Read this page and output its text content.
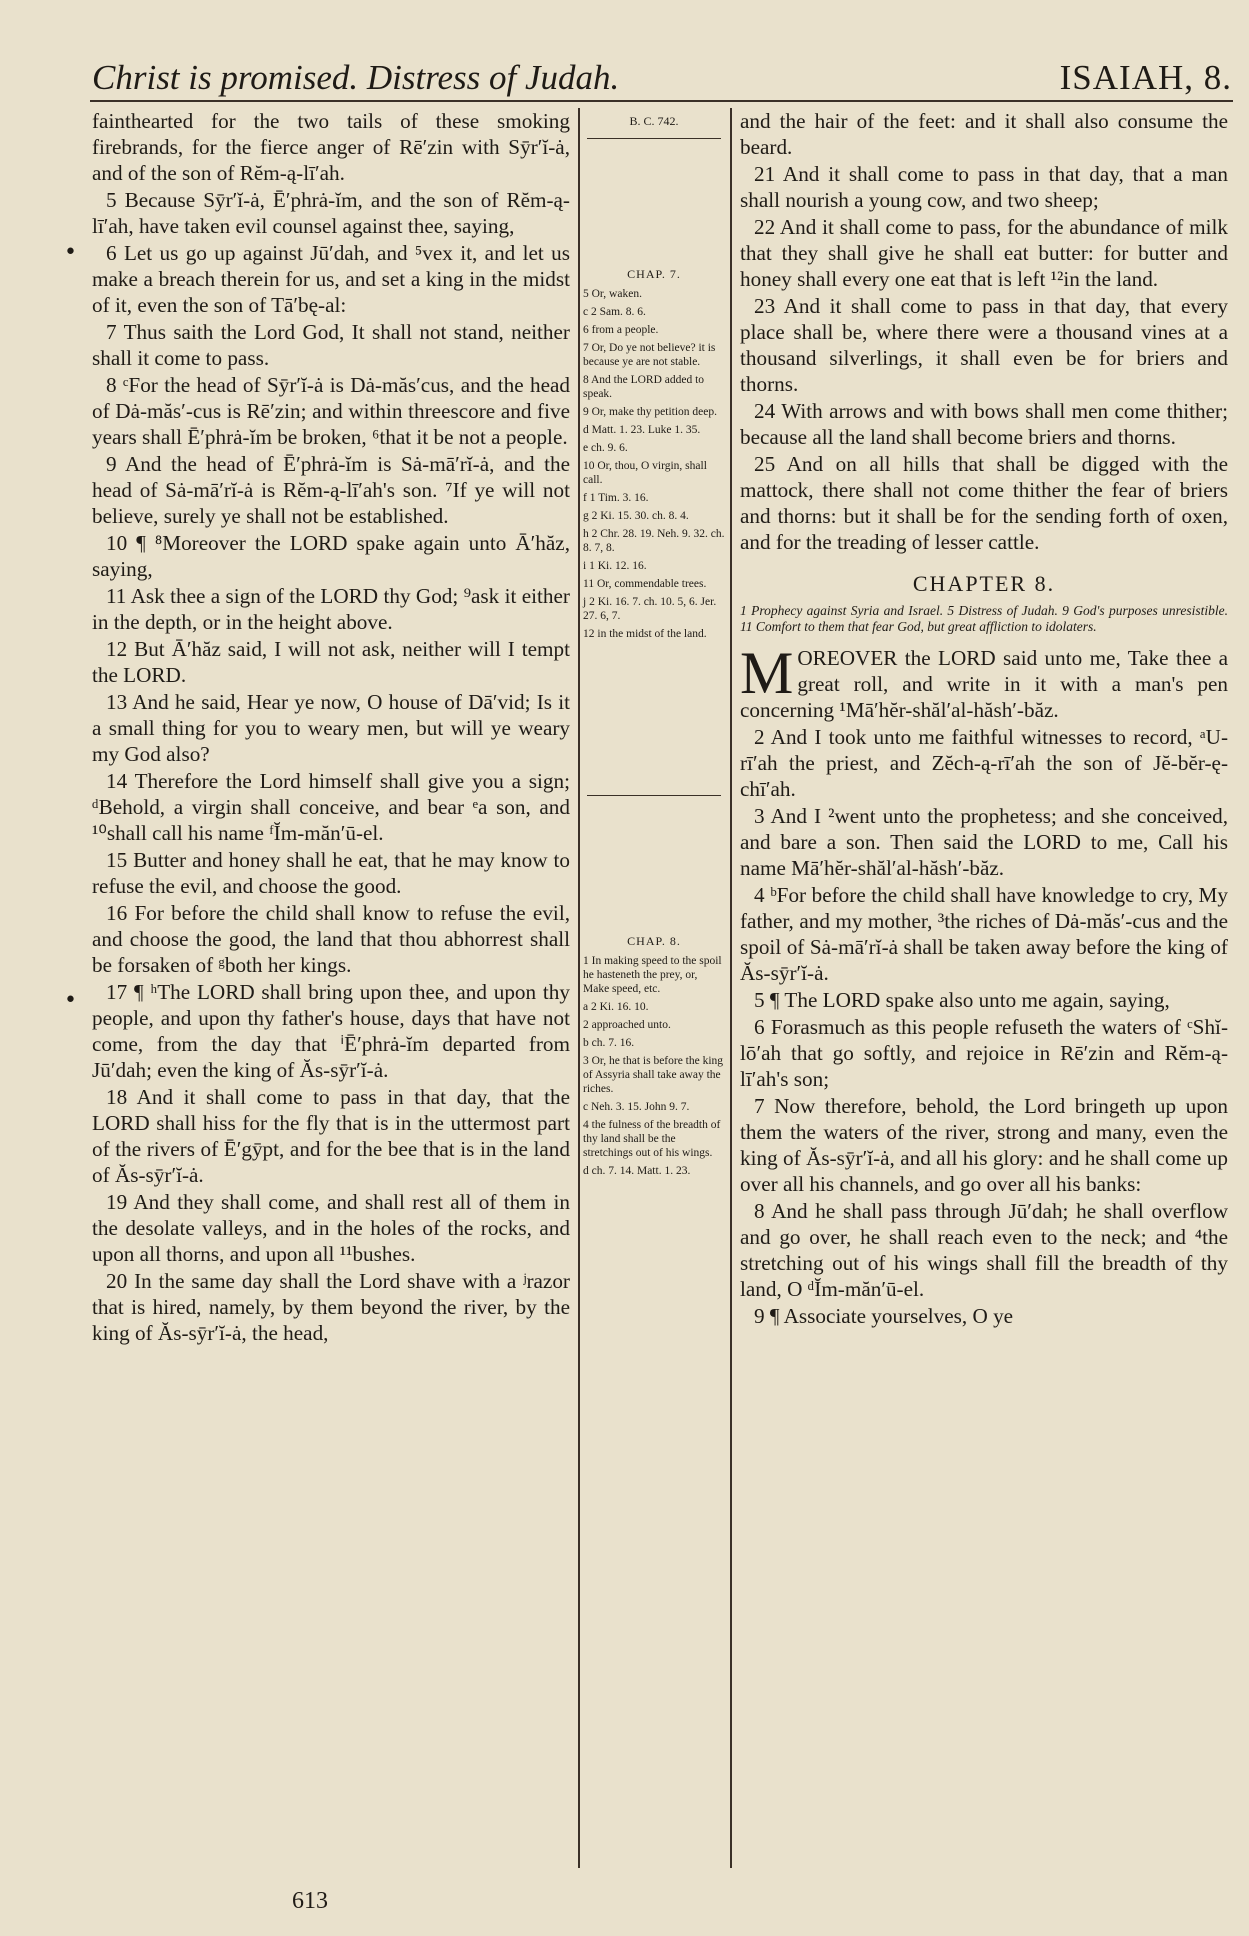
Christ is promised. Distress of Judah.	ISAIAH, 8.
•
•

fainthearted for the two tails of these smoking firebrands, for the fierce anger of Rē′zin with Sȳr′ĭ-ȧ, and of the son of Rĕm-ą-lī′ah.

5 Because Sȳr′ĭ-ȧ, Ē′phrȧ-ĭm, and the son of Rĕm-ą-lī′ah, have taken evil counsel against thee, saying,

6 Let us go up against Jū′dah, and ⁵vex it, and let us make a breach therein for us, and set a king in the midst of it, even the son of Tā′bę-al:

7 Thus saith the Lord God, It shall not stand, neither shall it come to pass.

8 ᶜFor the head of Sȳr′ĭ-ȧ is Dȧ-măs′cus, and the head of Dȧ-măs′-cus is Rē′zin; and within threescore and five years shall Ē′phrȧ-ĭm be broken, ⁶that it be not a people.

9 And the head of Ē′phrȧ-ĭm is Sȧ-mā′rĭ-ȧ, and the head of Sȧ-mā′rĭ-ȧ is Rĕm-ą-lī′ah's son. ⁷If ye will not believe, surely ye shall not be established.

10 ¶ ⁸Moreover the LORD spake again unto Ā′hăz, saying,

11 Ask thee a sign of the LORD thy God; ⁹ask it either in the depth, or in the height above.

12 But Ā′hăz said, I will not ask, neither will I tempt the LORD.

13 And he said, Hear ye now, O house of Dā′vid; Is it a small thing for you to weary men, but will ye weary my God also?

14 Therefore the Lord himself shall give you a sign; ᵈBehold, a virgin shall conceive, and bear ᵉa son, and ¹⁰shall call his name ᶠĬm-măn′ū-el.

15 Butter and honey shall he eat, that he may know to refuse the evil, and choose the good.

16 For before the child shall know to refuse the evil, and choose the good, the land that thou abhorrest shall be forsaken of ᵍboth her kings.

17 ¶ ʰThe LORD shall bring upon thee, and upon thy people, and upon thy father's house, days that have not come, from the day that ⁱĒ′phrȧ-ĭm departed from Jū′dah; even the king of Ăs-sȳr′ĭ-ȧ.

18 And it shall come to pass in that day, that the LORD shall hiss for the fly that is in the uttermost part of the rivers of Ē′gȳpt, and for the bee that is in the land of Ăs-sȳr′ĭ-ȧ.

19 And they shall come, and shall rest all of them in the desolate valleys, and in the holes of the rocks, and upon all thorns, and upon all ¹¹bushes.

20 In the same day shall the Lord shave with a ʲrazor that is hired, namely, by them beyond the river, by the king of Ăs-sȳr′ĭ-ȧ, the head,

B. C. 742.
CHAP. 7.
5 Or, waken.
c 2 Sam. 8. 6.
6 from a people.
7 Or, Do ye not believe? it is because ye are not stable.
8 And the LORD added to speak.
9 Or, make thy petition deep.
d Matt. 1. 23. Luke 1. 35.
e ch. 9. 6.
10 Or, thou, O virgin, shall call.
f 1 Tim. 3. 16.
g 2 Ki. 15. 30. ch. 8. 4.
h 2 Chr. 28. 19. Neh. 9. 32. ch. 8. 7, 8.
i 1 Ki. 12. 16.
11 Or, commendable trees.
j 2 Ki. 16. 7. ch. 10. 5, 6. Jer. 27. 6, 7.
12 in the midst of the land.
CHAP. 8.
1 In making speed to the spoil he hasteneth the prey, or, Make speed, etc.
a 2 Ki. 16. 10.
2 approached unto.
b ch. 7. 16.
3 Or, he that is before the king of Assyria shall take away the riches.
c Neh. 3. 15. John 9. 7.
4 the fulness of the breadth of thy land shall be the stretchings out of his wings.
d ch. 7. 14. Matt. 1. 23.

and the hair of the feet: and it shall also consume the beard.

21 And it shall come to pass in that day, that a man shall nourish a young cow, and two sheep;

22 And it shall come to pass, for the abundance of milk that they shall give he shall eat butter: for butter and honey shall every one eat that is left ¹²in the land.

23 And it shall come to pass in that day, that every place shall be, where there were a thousand vines at a thousand silverlings, it shall even be for briers and thorns.

24 With arrows and with bows shall men come thither; because all the land shall become briers and thorns.

25 And on all hills that shall be digged with the mattock, there shall not come thither the fear of briers and thorns: but it shall be for the sending forth of oxen, and for the treading of lesser cattle.

CHAPTER 8.
1 Prophecy against Syria and Israel. 5 Distress of Judah. 9 God's purposes unresistible. 11 Comfort to them that fear God, but great affliction to idolaters.

MOREOVER the LORD said unto me, Take thee a great roll, and write in it with a man's pen concerning ¹Mā′hĕr-shăl′al-hăsh′-băz.

2 And I took unto me faithful witnesses to record, ᵃU-rī′ah the priest, and Zĕch-ą-rī′ah the son of Jĕ-bĕr-ę-chī′ah.

3 And I ²went unto the prophetess; and she conceived, and bare a son. Then said the LORD to me, Call his name Mā′hĕr-shăl′al-hăsh′-băz.

4 ᵇFor before the child shall have knowledge to cry, My father, and my mother, ³the riches of Dȧ-măs′-cus and the spoil of Sȧ-mā′rĭ-ȧ shall be taken away before the king of Ăs-sȳr′ĭ-ȧ.

5 ¶ The LORD spake also unto me again, saying,

6 Forasmuch as this people refuseth the waters of ᶜShĭ-lō′ah that go softly, and rejoice in Rē′zin and Rĕm-ą-lī′ah's son;

7 Now therefore, behold, the Lord bringeth up upon them the waters of the river, strong and many, even the king of Ăs-sȳr′ĭ-ȧ, and all his glory: and he shall come up over all his channels, and go over all his banks:

8 And he shall pass through Jū′dah; he shall overflow and go over, he shall reach even to the neck; and ⁴the stretching out of his wings shall fill the breadth of thy land, O ᵈĬm-măn′ū-el.

9 ¶ Associate yourselves, O ye

613
